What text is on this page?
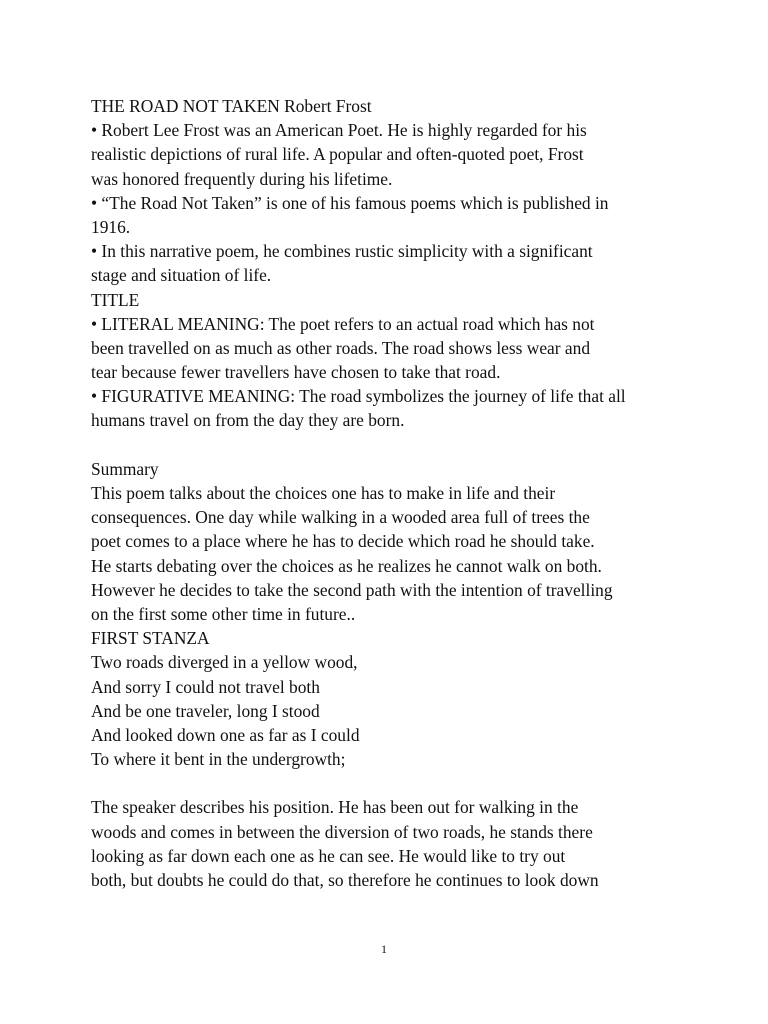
THE ROAD NOT TAKEN Robert Frost
• Robert Lee Frost was an American Poet. He is highly regarded for his
realistic depictions of rural life. A popular and often-quoted poet, Frost
was honored frequently during his lifetime.
• “The Road Not Taken” is one of his famous poems which is published in
1916.
• In this narrative poem, he combines rustic simplicity with a significant
stage and situation of life.
TITLE
• LITERAL MEANING: The poet refers to an actual road which has not
been travelled on as much as other roads. The road shows less wear and
tear because fewer travellers have chosen to take that road.
• FIGURATIVE MEANING: The road symbolizes the journey of life that all
humans travel on from the day they are born.
Summary
This poem talks about the choices one has to make in life and their
consequences. One day while walking in a wooded area full of trees the
poet comes to a place where he has to decide which road he should take.
He starts debating over the choices as he realizes he cannot walk on both.
However he decides to take the second path with the intention of travelling
on the first some other time in future..
FIRST STANZA
Two roads diverged in a yellow wood,
And sorry I could not travel both
And be one traveler, long I stood
And looked down one as far as I could
To where it bent in the undergrowth;
The speaker describes his position. He has been out for walking in the
woods and comes in between the diversion of two roads, he stands there
looking as far down each one as he can see. He would like to try out
both, but doubts he could do that, so therefore he continues to look down
1
